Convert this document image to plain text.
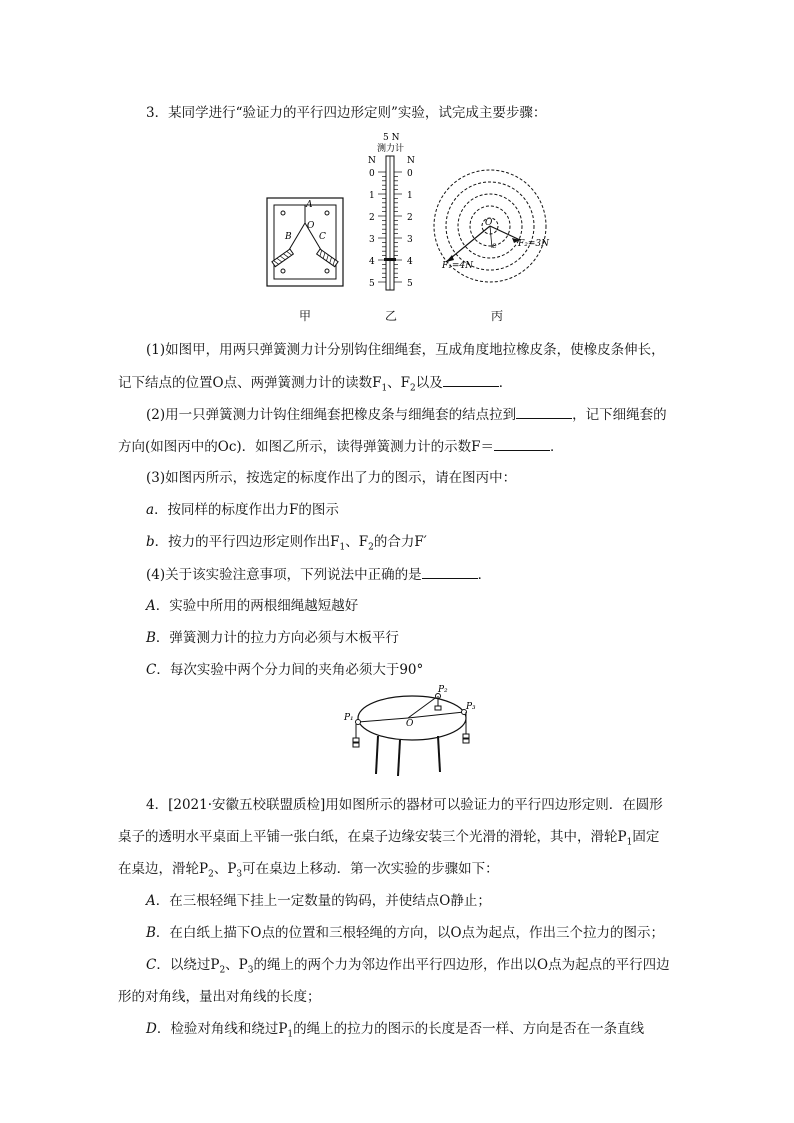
3．某同学进行“验证力的平行四边形定则”实验，试完成主要步骤：
A
O
B	C
5 N
测力计
N	N
0
1
2
3
4
5
0
1
2
3
4
5
O
c
F₁=4N
F₂=3N
甲	乙	丙
(1)如图甲，用两只弹簧测力计分别钩住细绳套，互成角度地拉橡皮条，使橡皮条伸长，
记下结点的位置O点、两弹簧测力计的读数$F_1$、$F_2$以及	．
(2)用一只弹簧测力计钩住细绳套把橡皮条与细绳套的结点拉到	，记下细绳套的
方向(如图丙中的Oc)．如图乙所示，读得弹簧测力计的示数F＝	．
(3)如图丙所示，按选定的标度作出了力的图示，请在图丙中：
a．按同样的标度作出力F的图示
b．按力的平行四边形定则作出$F_1$、$F_2$的合力F′
(4)关于该实验注意事项，下列说法中正确的是	．
A．实验中所用的两根细绳越短越好
B．弹簧测力计的拉力方向必须与木板平行
C．每次实验中两个分力间的夹角必须大于90°
O
P₂
P₃
P₁
4．[2021·安徽五校联盟质检]用如图所示的器材可以验证力的平行四边形定则．在圆形
桌子的透明水平桌面上平铺一张白纸，在桌子边缘安装三个光滑的滑轮，其中，滑轮$P_1$固定
在桌边，滑轮$P_2$、$P_3$可在桌边上移动．第一次实验的步骤如下：
A．在三根轻绳下挂上一定数量的钩码，并使结点O静止；
B．在白纸上描下O点的位置和三根轻绳的方向，以O点为起点，作出三个拉力的图示；
C．以绕过$P_2$、$P_3$的绳上的两个力为邻边作出平行四边形，作出以O点为起点的平行四边
形的对角线，量出对角线的长度；
D．检验对角线和绕过$P_1$的绳上的拉力的图示的长度是否一样、方向是否在一条直线
